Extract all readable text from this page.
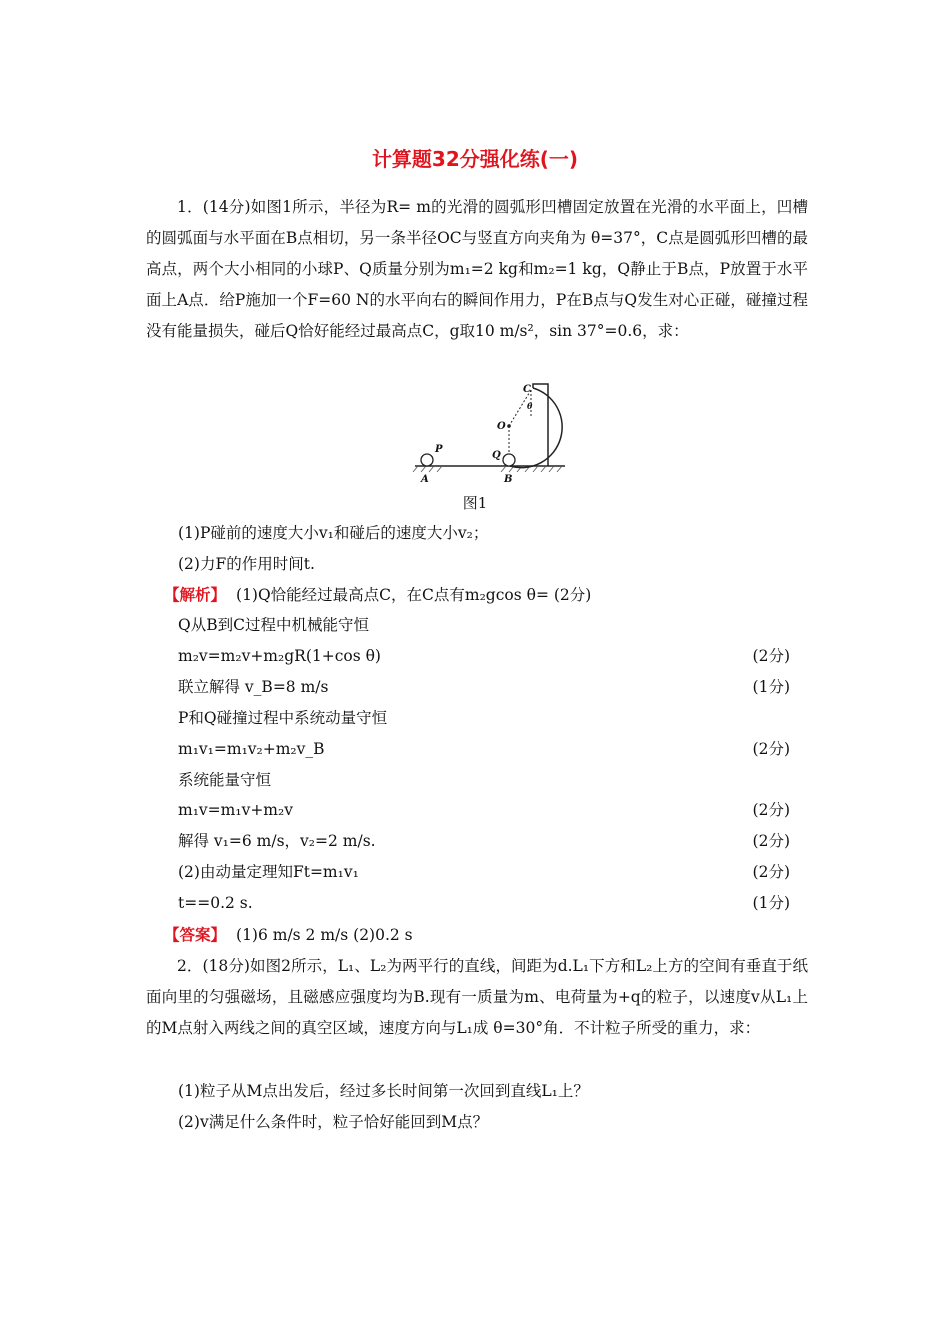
计算题32分强化练(一)
1．(14分)如图1所示，半径为R= m的光滑的圆弧形凹槽固定放置在光滑的水平面上，凹槽的圆弧面与水平面在B点相切，另一条半径OC与竖直方向夹角为 θ=37°，C点是圆弧形凹槽的最高点，两个大小相同的小球P、Q质量分别为m₁=2 kg和m₂=1 kg，Q静止于B点，P放置于水平面上A点．给P施加一个F=60 N的水平向右的瞬间作用力，P在B点与Q发生对心正碰，碰撞过程没有能量损失，碰后Q恰好能经过最高点C，g取10 m/s²，sin 37°=0.6，求：
C
θ
O
P
Q
A	B
图1
(1)P碰前的速度大小v₁和碰后的速度大小v₂；
(2)力F的作用时间t.
【解析】 (1)Q恰能经过最高点C，在C点有m₂gcos θ= (2分)
Q从B到C过程中机械能守恒
m₂v=m₂v+m₂gR(1+cos θ)	(2分)
联立解得 v_B=8 m/s	(1分)
P和Q碰撞过程中系统动量守恒
m₁v₁=m₁v₂+m₂v_B	(2分)
系统能量守恒
m₁v=m₁v+m₂v	(2分)
解得 v₁=6 m/s，v₂=2 m/s.	(2分)
(2)由动量定理知Ft=m₁v₁	(2分)
t==0.2 s.	(1分)
【答案】 (1)6 m/s 2 m/s (2)0.2 s
2．(18分)如图2所示，L₁、L₂为两平行的直线，间距为d.L₁下方和L₂上方的空间有垂直于纸面向里的匀强磁场，且磁感应强度均为B.现有一质量为m、电荷量为+q的粒子，以速度v从L₁上的M点射入两线之间的真空区域，速度方向与L₁成 θ=30°角．不计粒子所受的重力，求：
(1)粒子从M点出发后，经过多长时间第一次回到直线L₁上？
(2)v满足什么条件时，粒子恰好能回到M点？
